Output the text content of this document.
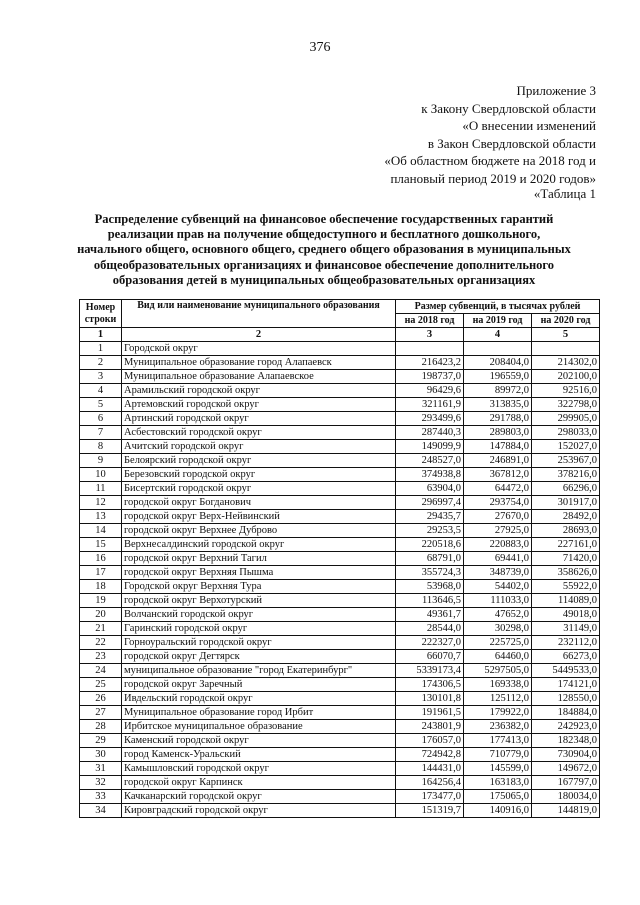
376
Приложение 3
к Закону Свердловской области
«О внесении изменений
в Закон Свердловской области
«Об областном бюджете на 2018 год и
плановый период 2019 и 2020 годов»
«Таблица 1
Распределение субвенций на финансовое обеспечение государственных гарантий
реализации прав на получение общедоступного и бесплатного дошкольного,
начального общего, основного общего, среднего общего образования в муниципальных
общеобразовательных организациях и финансовое обеспечение дополнительного
образования детей в муниципальных общеобразовательных организациях
Номер строки	Вид или наименование муниципального образования	Размер субвенций, в тысячах рублей		
		на 2018 год	на 2019 год	на 2020 год
1	2	3	4	5
1	Городской округ			
2	Муниципальное образование город Алапаевск	216423,2	208404,0	214302,0
3	Муниципальное образование Алапаевское	198737,0	196559,0	202100,0
4	Арамильский городской округ	96429,6	89972,0	92516,0
5	Артемовский городской округ	321161,9	313835,0	322798,0
6	Артинский городской округ	293499,6	291788,0	299905,0
7	Асбестовский городской округ	287440,3	289803,0	298033,0
8	Ачитский городской округ	149099,9	147884,0	152027,0
9	Белоярский городской округ	248527,0	246891,0	253967,0
10	Березовский городской округ	374938,8	367812,0	378216,0
11	Бисертский городской округ	63904,0	64472,0	66296,0
12	городской округ Богданович	296997,4	293754,0	301917,0
13	городской округ Верх-Нейвинский	29435,7	27670,0	28492,0
14	городской округ Верхнее Дуброво	29253,5	27925,0	28693,0
15	Верхнесалдинский городской округ	220518,6	220883,0	227161,0
16	городской округ Верхний Тагил	68791,0	69441,0	71420,0
17	городской округ Верхняя Пышма	355724,3	348739,0	358626,0
18	Городской округ Верхняя Тура	53968,0	54402,0	55922,0
19	городской округ Верхотурский	113646,5	111033,0	114089,0
20	Волчанский городской округ	49361,7	47652,0	49018,0
21	Гаринский городской округ	28544,0	30298,0	31149,0
22	Горноуральский городской округ	222327,0	225725,0	232112,0
23	городской округ Дегтярск	66070,7	64460,0	66273,0
24	муниципальное образование "город Екатеринбург"	5339173,4	5297505,0	5449533,0
25	городской округ Заречный	174306,5	169338,0	174121,0
26	Ивдельский городской округ	130101,8	125112,0	128550,0
27	Муниципальное образование город Ирбит	191961,5	179922,0	184884,0
28	Ирбитское муниципальное образование	243801,9	236382,0	242923,0
29	Каменский городской округ	176057,0	177413,0	182348,0
30	город Каменск-Уральский	724942,8	710779,0	730904,0
31	Камышловский городской округ	144431,0	145599,0	149672,0
32	городской округ Карпинск	164256,4	163183,0	167797,0
33	Качканарский городской округ	173477,0	175065,0	180034,0
34	Кировградский городской округ	151319,7	140916,0	144819,0
